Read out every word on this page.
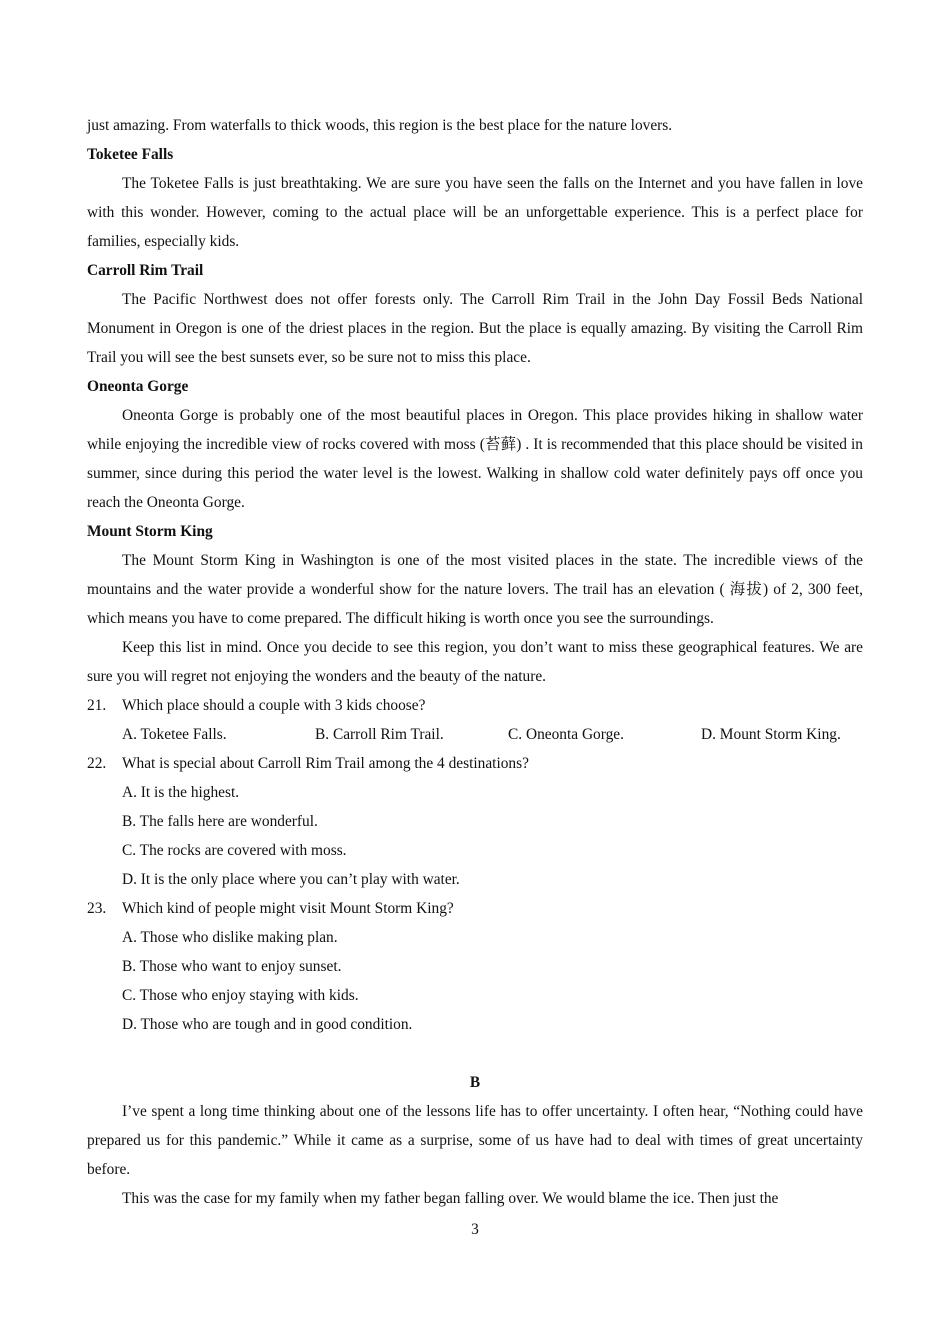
just amazing. From waterfalls to thick woods, this region is the best place for the nature lovers.

Toketee Falls

The Toketee Falls is just breathtaking. We are sure you have seen the falls on the Internet and you have fallen in love with this wonder. However, coming to the actual place will be an unforgettable experience. This is a perfect place for families, especially kids.

Carroll Rim Trail

The Pacific Northwest does not offer forests only. The Carroll Rim Trail in the John Day Fossil Beds National Monument in Oregon is one of the driest places in the region. But the place is equally amazing. By visiting the Carroll Rim Trail you will see the best sunsets ever, so be sure not to miss this place.

Oneonta Gorge

Oneonta Gorge is probably one of the most beautiful places in Oregon. This place provides hiking in shallow water while enjoying the incredible view of rocks covered with moss (苔藓) . It is recommended that this place should be visited in summer, since during this period the water level is the lowest. Walking in shallow cold water definitely pays off once you reach the Oneonta Gorge.

Mount Storm King

The Mount Storm King in Washington is one of the most visited places in the state. The incredible views of the mountains and the water provide a wonderful show for the nature lovers. The trail has an elevation ( 海拔) of 2, 300 feet, which means you have to come prepared. The difficult hiking is worth once you see the surroundings.

Keep this list in mind. Once you decide to see this region, you don’t want to miss these geographical features. We are sure you will regret not enjoying the wonders and the beauty of the nature.

21.	Which place should a couple with 3 kids choose?
A. Toketee Falls.	B. Carroll Rim Trail.	C. Oneonta Gorge.	D. Mount Storm King.
22.	What is special about Carroll Rim Trail among the 4 destinations?

A. It is the highest.

B. The falls here are wonderful.

C. The rocks are covered with moss.

D. It is the only place where you can’t play with water.

23.	Which kind of people might visit Mount Storm King?

A. Those who dislike making plan.

B. Those who want to enjoy sunset.

C. Those who enjoy staying with kids.

D. Those who are tough and in good condition.

B

I’ve spent a long time thinking about one of the lessons life has to offer uncertainty. I often hear, “Nothing could have prepared us for this pandemic.” While it came as a surprise, some of us have had to deal with times of great uncertainty before.

This was the case for my family when my father began falling over. We would blame the ice. Then just the

3
